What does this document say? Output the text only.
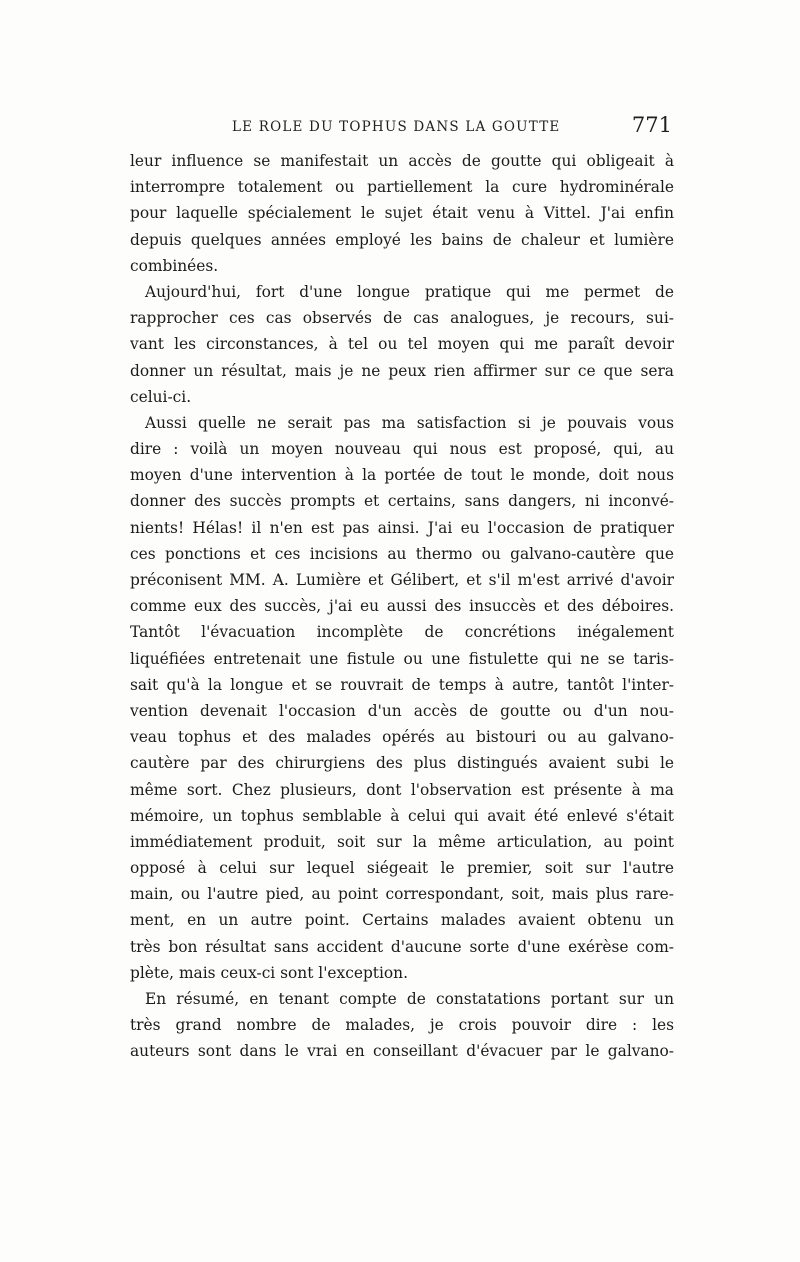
LE ROLE DU TOPHUS DANS LA GOUTTE	771
leur influence se manifestait un accès de goutte qui obligeait à
interrompre totalement ou partiellement la cure hydrominérale
pour laquelle spécialement le sujet était venu à Vittel. J'ai enfin
depuis quelques années employé les bains de chaleur et lumière
combinées.
Aujourd'hui, fort d'une longue pratique qui me permet de
rapprocher ces cas observés de cas analogues, je recours, sui-
vant les circonstances, à tel ou tel moyen qui me paraît devoir
donner un résultat, mais je ne peux rien affirmer sur ce que sera
celui-ci.
Aussi quelle ne serait pas ma satisfaction si je pouvais vous
dire : voilà un moyen nouveau qui nous est proposé, qui, au
moyen d'une intervention à la portée de tout le monde, doit nous
donner des succès prompts et certains, sans dangers, ni inconvé-
nients! Hélas! il n'en est pas ainsi. J'ai eu l'occasion de pratiquer
ces ponctions et ces incisions au thermo ou galvano-cautère que
préconisent MM. A. Lumière et Gélibert, et s'il m'est arrivé d'avoir
comme eux des succès, j'ai eu aussi des insuccès et des déboires.
Tantôt l'évacuation incomplète de concrétions inégalement
liquéfiées entretenait une fistule ou une fistulette qui ne se taris-
sait qu'à la longue et se rouvrait de temps à autre, tantôt l'inter-
vention devenait l'occasion d'un accès de goutte ou d'un nou-
veau tophus et des malades opérés au bistouri ou au galvano-
cautère par des chirurgiens des plus distingués avaient subi le
même sort. Chez plusieurs, dont l'observation est présente à ma
mémoire, un tophus semblable à celui qui avait été enlevé s'était
immédiatement produit, soit sur la même articulation, au point
opposé à celui sur lequel siégeait le premier, soit sur l'autre
main, ou l'autre pied, au point correspondant, soit, mais plus rare-
ment, en un autre point. Certains malades avaient obtenu un
très bon résultat sans accident d'aucune sorte d'une exérèse com-
plète, mais ceux-ci sont l'exception.
En résumé, en tenant compte de constatations portant sur un
très grand nombre de malades, je crois pouvoir dire : les
auteurs sont dans le vrai en conseillant d'évacuer par le galvano-
